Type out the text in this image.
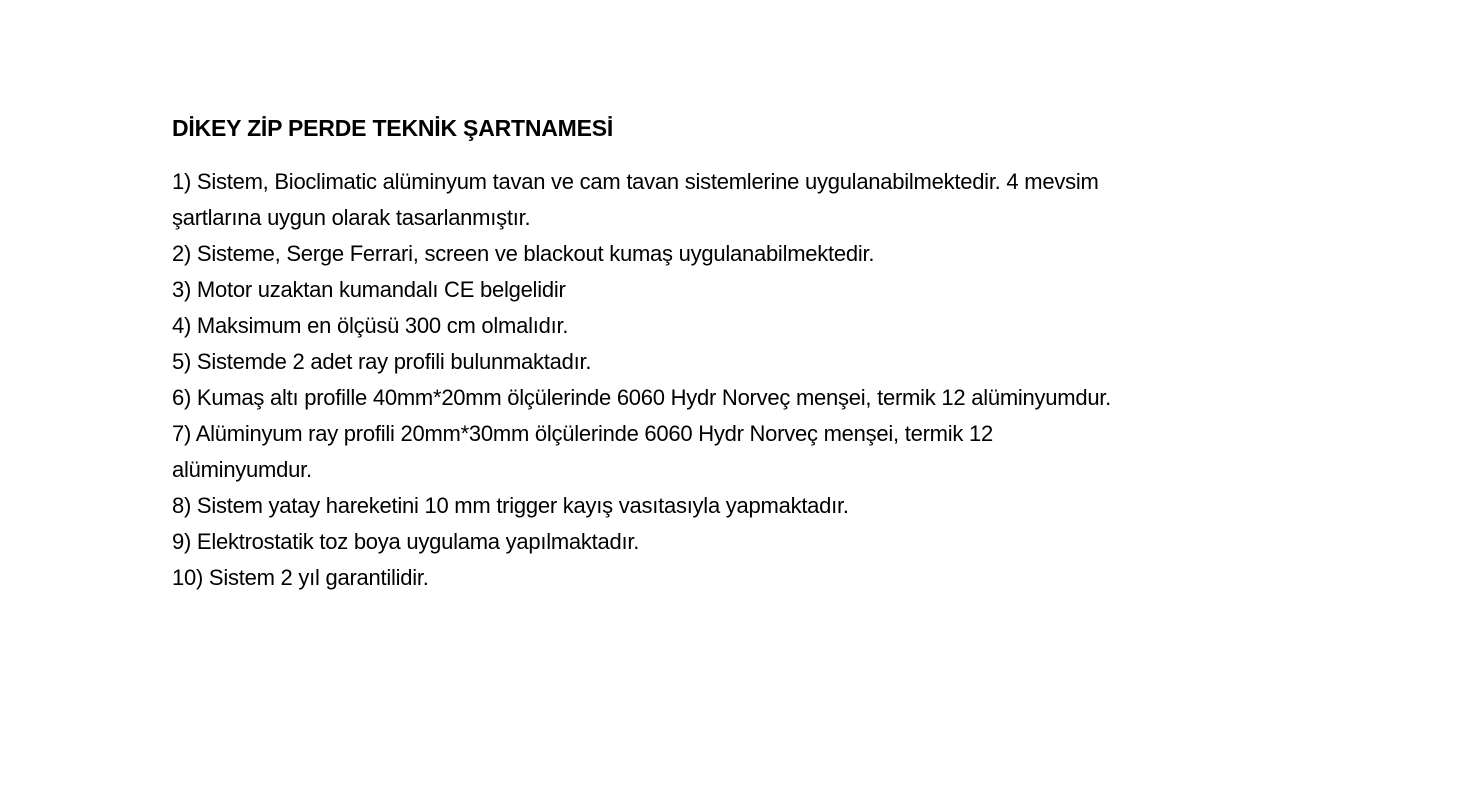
DİKEY ZİP PERDE TEKNİK ŞARTNAMESİ
1) Sistem, Bioclimatic alüminyum tavan ve cam tavan sistemlerine uygulanabilmektedir. 4 mevsim
şartlarına uygun olarak tasarlanmıştır.
2) Sisteme, Serge Ferrari, screen ve blackout kumaş uygulanabilmektedir.
3) Motor uzaktan kumandalı CE belgelidir
4) Maksimum en ölçüsü 300 cm olmalıdır.
5) Sistemde 2 adet ray profili bulunmaktadır.
6) Kumaş altı profille 40mm*20mm ölçülerinde 6060 Hydr Norveç menşei, termik 12 alüminyumdur.
7) Alüminyum ray profili 20mm*30mm ölçülerinde 6060 Hydr Norveç menşei, termik 12
alüminyumdur.
8) Sistem yatay hareketini 10 mm trigger kayış vasıtasıyla yapmaktadır.
9) Elektrostatik toz boya uygulama yapılmaktadır.
10) Sistem 2 yıl garantilidir.
